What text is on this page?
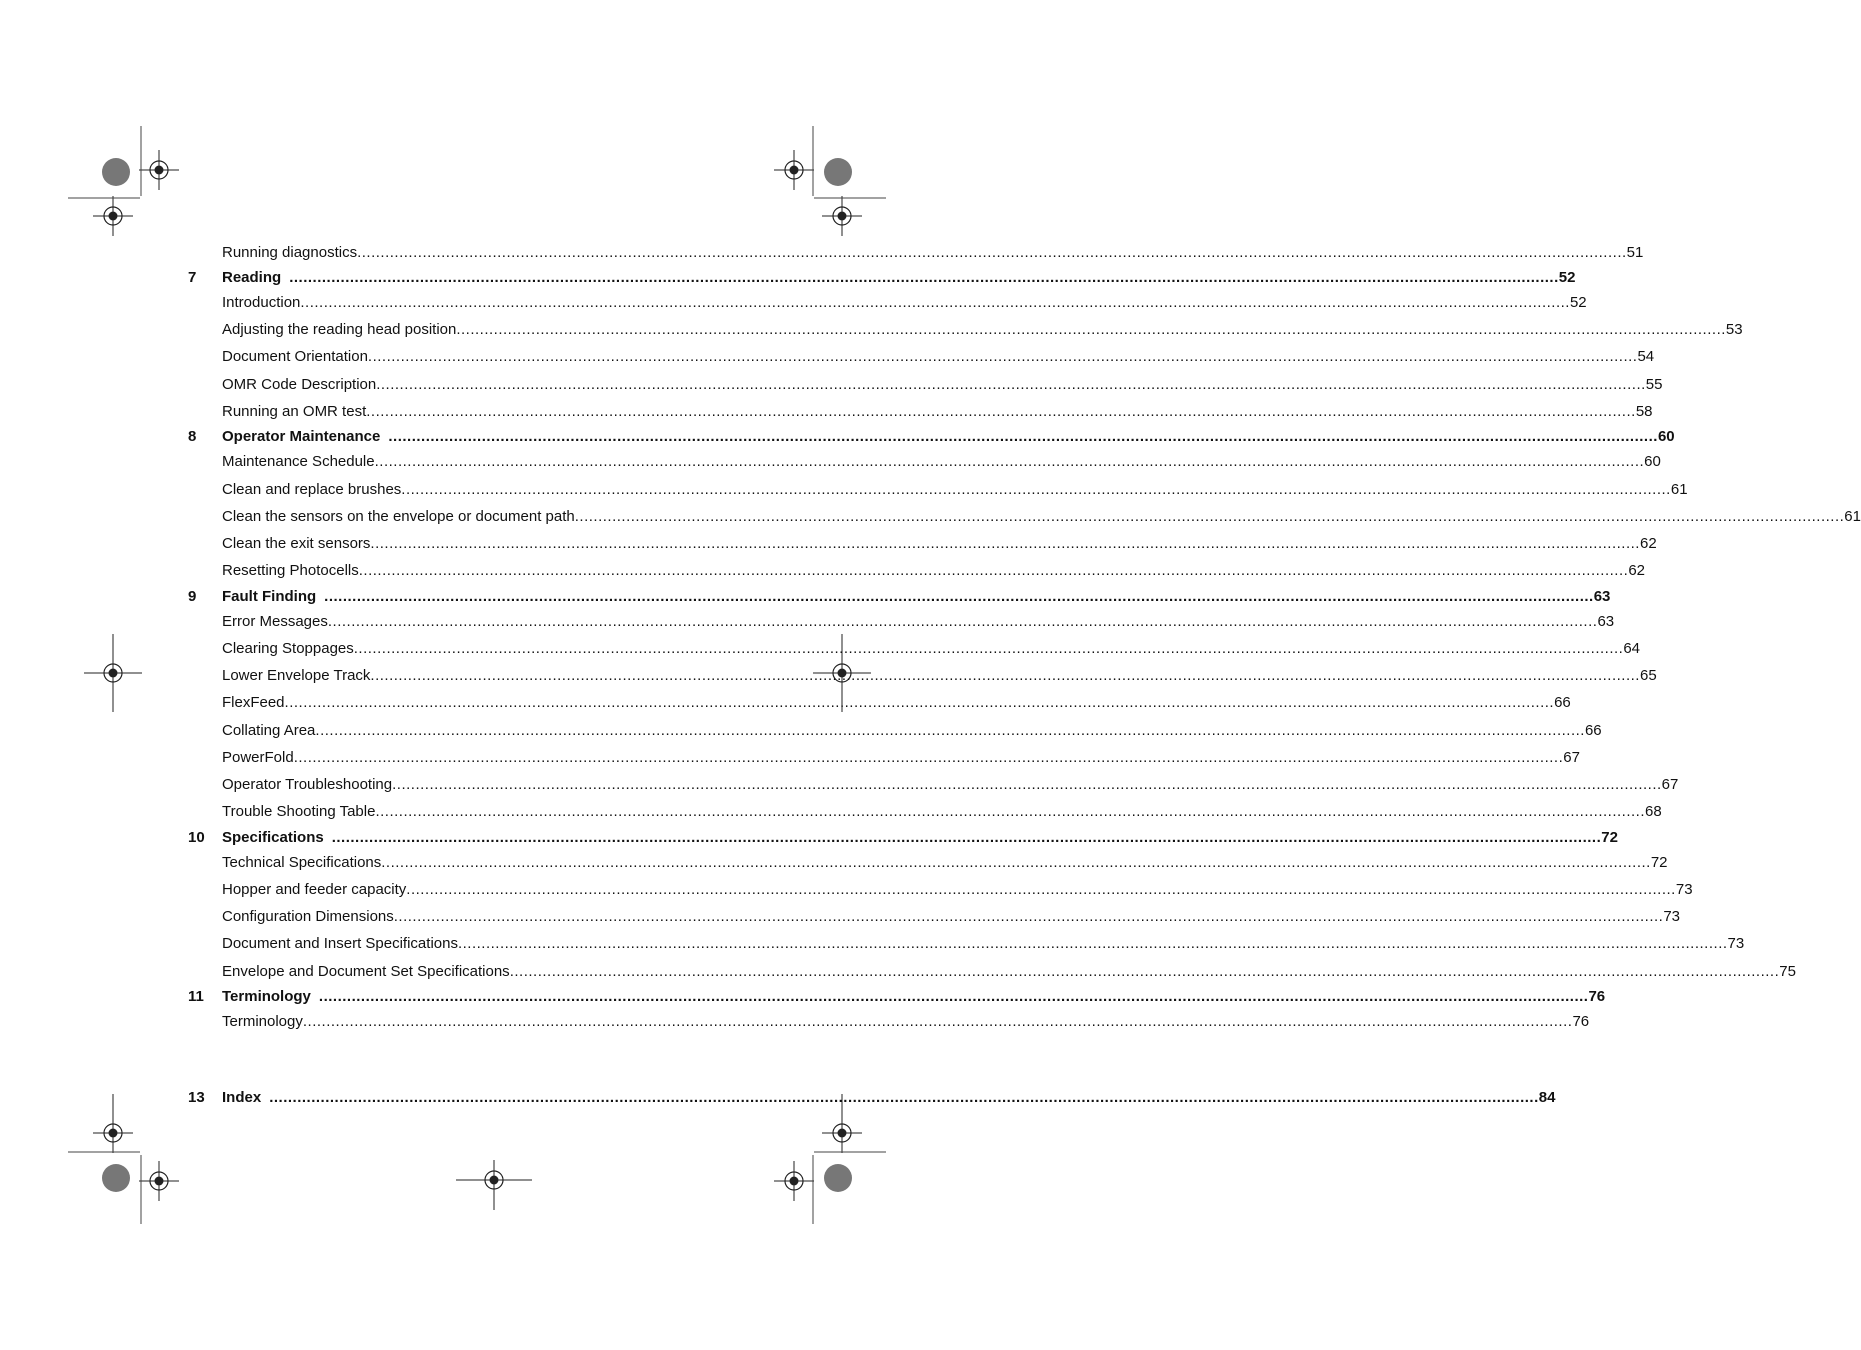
Running diagnostics ................................................................................................................................................................................................................................................................................ 51
7	Reading ................................................................................................................................................................................................................................................................................ 52
Introduction ................................................................................................................................................................................................................................................................................ 52
Adjusting the reading head position ................................................................................................................................................................................................................................................................................ 53
Document Orientation ................................................................................................................................................................................................................................................................................ 54
OMR Code Description ................................................................................................................................................................................................................................................................................ 55
Running an OMR test ................................................................................................................................................................................................................................................................................ 58
8	Operator Maintenance ................................................................................................................................................................................................................................................................................ 60
Maintenance Schedule ................................................................................................................................................................................................................................................................................ 60
Clean and replace brushes ................................................................................................................................................................................................................................................................................ 61
Clean the sensors on the envelope or document path ................................................................................................................................................................................................................................................................................ 61
Clean the exit sensors ................................................................................................................................................................................................................................................................................ 62
Resetting Photocells ................................................................................................................................................................................................................................................................................ 62
9	Fault Finding ................................................................................................................................................................................................................................................................................ 63
Error Messages ................................................................................................................................................................................................................................................................................ 63
Clearing Stoppages ................................................................................................................................................................................................................................................................................ 64
Lower Envelope Track ................................................................................................................................................................................................................................................................................ 65
FlexFeed ................................................................................................................................................................................................................................................................................ 66
Collating Area ................................................................................................................................................................................................................................................................................ 66
PowerFold ................................................................................................................................................................................................................................................................................ 67
Operator Troubleshooting ................................................................................................................................................................................................................................................................................ 67
Trouble Shooting Table ................................................................................................................................................................................................................................................................................ 68
10	Specifications ................................................................................................................................................................................................................................................................................ 72
Technical Specifications ................................................................................................................................................................................................................................................................................ 72
Hopper and feeder capacity ................................................................................................................................................................................................................................................................................ 73
Configuration Dimensions ................................................................................................................................................................................................................................................................................ 73
Document and Insert Specifications ................................................................................................................................................................................................................................................................................ 73
Envelope and Document Set Specifications ................................................................................................................................................................................................................................................................................ 75
11	Terminology ................................................................................................................................................................................................................................................................................ 76
Terminology ................................................................................................................................................................................................................................................................................ 76
13	Index ................................................................................................................................................................................................................................................................................ 84
